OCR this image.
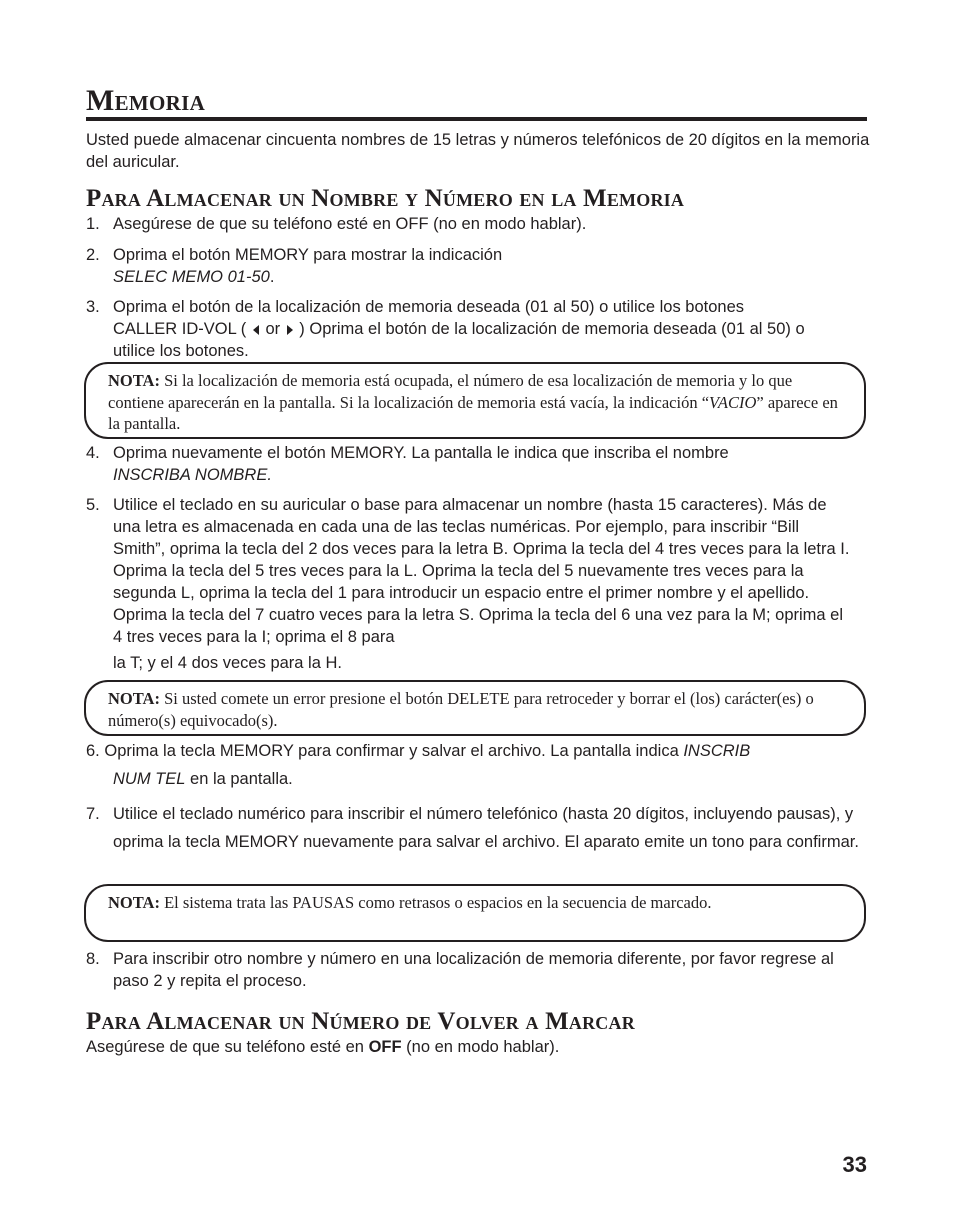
Memoria
Usted puede almacenar cincuenta nombres de 15 letras y números telefónicos de 20 dígitos en la memoria del auricular.
Para Almacenar un Nombre y Número en la Memoria
1. Asegúrese de que su teléfono esté en OFF (no en modo hablar).
2. Oprima el botón MEMORY para mostrar la indicación
SELEC MEMO 01-50.
3. Oprima el botón de la localización de memoria deseada (01 al 50) o utilice los botones
CALLER ID-VOL (  or  ) Oprima el botón de la localización de memoria deseada (01 al 50) o
utilice los botones.
NOTA: Si la localización de memoria está ocupada, el número de esa localización de memoria y lo que contiene aparecerán en la pantalla. Si la localización de memoria está vacía, la indicación “VACIO” aparece en la pantalla.
4. Oprima nuevamente el botón MEMORY. La pantalla le indica que inscriba el nombre
INSCRIBA NOMBRE.
5. Utilice el teclado en su auricular o base para almacenar un nombre (hasta 15 caracteres). Más de una letra es almacenada en cada una de las teclas numéricas. Por ejemplo, para inscribir “Bill Smith”, oprima la tecla del 2 dos veces para la letra B. Oprima la tecla del 4 tres veces para la letra I. Oprima la tecla del 5 tres veces para la L. Oprima la tecla del 5 nuevamente tres veces para la segunda L, oprima la tecla del 1 para introducir un espacio entre el primer nombre y el apellido. Oprima la tecla del 7 cuatro veces para la letra S. Oprima la tecla del 6 una vez para la M; oprima el 4 tres veces para la I; oprima el 8 para
la T; y el 4 dos veces para la H.
NOTA: Si usted comete un error presione el botón DELETE para retroceder y borrar el (los) carácter(es) o número(s) equivocado(s).
6. Oprima la tecla MEMORY para confirmar y salvar el archivo. La pantalla indica INSCRIB
NUM TEL en la pantalla.
7. Utilice el teclado numérico para inscribir el número telefónico (hasta 20 dígitos, incluyendo pausas), y oprima la tecla MEMORY nuevamente para salvar el archivo. El aparato emite un tono para confirmar.
NOTA: El sistema trata las PAUSAS como retrasos o espacios en la secuencia de marcado.
8. Para inscribir otro nombre y número en una localización de memoria diferente, por favor regrese al paso 2 y repita el proceso.
Para Almacenar un Número de Volver a Marcar
Asegúrese de que su teléfono esté en OFF (no en modo hablar).
33
